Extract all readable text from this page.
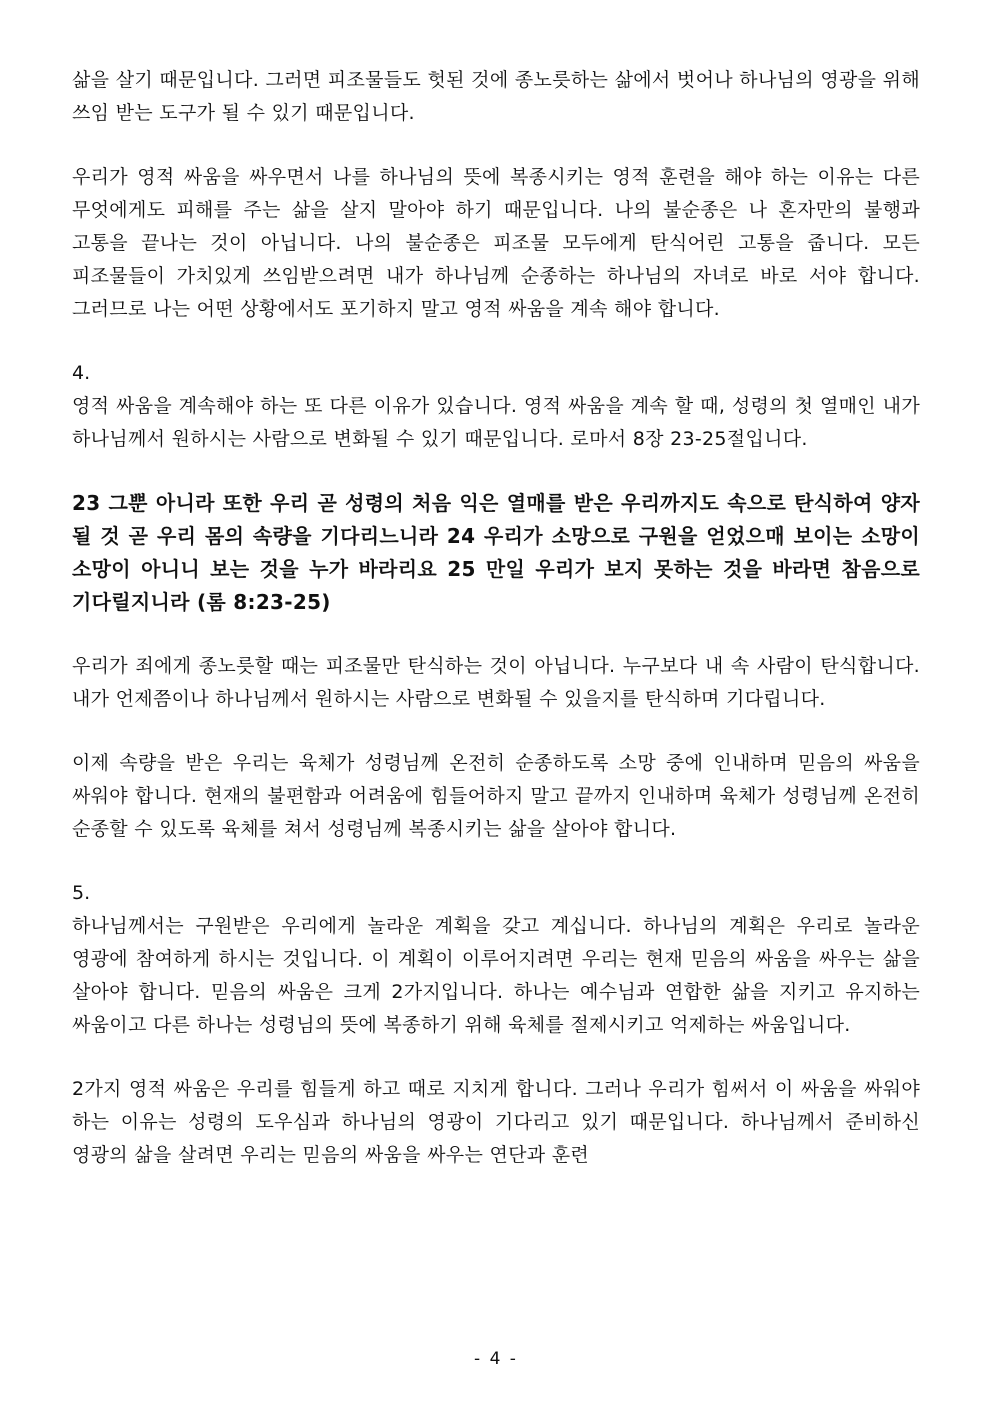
삶을 살기 때문입니다. 그러면 피조물들도 헛된 것에 종노릇하는 삶에서 벗어나 하나님의 영광을 위해 쓰임 받는 도구가 될 수 있기 때문입니다.

우리가 영적 싸움을 싸우면서 나를 하나님의 뜻에 복종시키는 영적 훈련을 해야 하는 이유는 다른 무엇에게도 피해를 주는 삶을 살지 말아야 하기 때문입니다. 나의 불순종은 나 혼자만의 불행과 고통을 끝나는 것이 아닙니다. 나의 불순종은 피조물 모두에게 탄식어린 고통을 줍니다. 모든 피조물들이 가치있게 쓰임받으려면 내가 하나님께 순종하는 하나님의 자녀로 바로 서야 합니다. 그러므로 나는 어떤 상황에서도 포기하지 말고 영적 싸움을 계속 해야 합니다.

4.

영적 싸움을 계속해야 하는 또 다른 이유가 있습니다. 영적 싸움을 계속 할 때, 성령의 첫 열매인 내가 하나님께서 원하시는 사람으로 변화될 수 있기 때문입니다. 로마서 8장 23-25절입니다.

23 그뿐 아니라 또한 우리 곧 성령의 처음 익은 열매를 받은 우리까지도 속으로 탄식하여 양자 될 것 곧 우리 몸의 속량을 기다리느니라 24 우리가 소망으로 구원을 얻었으매 보이는 소망이 소망이 아니니 보는 것을 누가 바라리요 25 만일 우리가 보지 못하는 것을 바라면 참음으로 기다릴지니라 (롬 8:23-25)

우리가 죄에게 종노릇할 때는 피조물만 탄식하는 것이 아닙니다. 누구보다 내 속 사람이 탄식합니다. 내가 언제쯤이나 하나님께서 원하시는 사람으로 변화될 수 있을지를 탄식하며 기다립니다.

이제 속량을 받은 우리는 육체가 성령님께 온전히 순종하도록 소망 중에 인내하며 믿음의 싸움을 싸워야 합니다. 현재의 불편함과 어려움에 힘들어하지 말고 끝까지 인내하며 육체가 성령님께 온전히 순종할 수 있도록 육체를 쳐서 성령님께 복종시키는 삶을 살아야 합니다.

5.

하나님께서는 구원받은 우리에게 놀라운 계획을 갖고 계십니다. 하나님의 계획은 우리로 놀라운 영광에 참여하게 하시는 것입니다. 이 계획이 이루어지려면 우리는 현재 믿음의 싸움을 싸우는 삶을 살아야 합니다. 믿음의 싸움은 크게 2가지입니다. 하나는 예수님과 연합한 삶을 지키고 유지하는 싸움이고 다른 하나는 성령님의 뜻에 복종하기 위해 육체를 절제시키고 억제하는 싸움입니다.

2가지 영적 싸움은 우리를 힘들게 하고 때로 지치게 합니다. 그러나 우리가 힘써서 이 싸움을 싸워야 하는 이유는 성령의 도우심과 하나님의 영광이 기다리고 있기 때문입니다. 하나님께서 준비하신 영광의 삶을 살려면 우리는 믿음의 싸움을 싸우는 연단과 훈련

- 4 -
